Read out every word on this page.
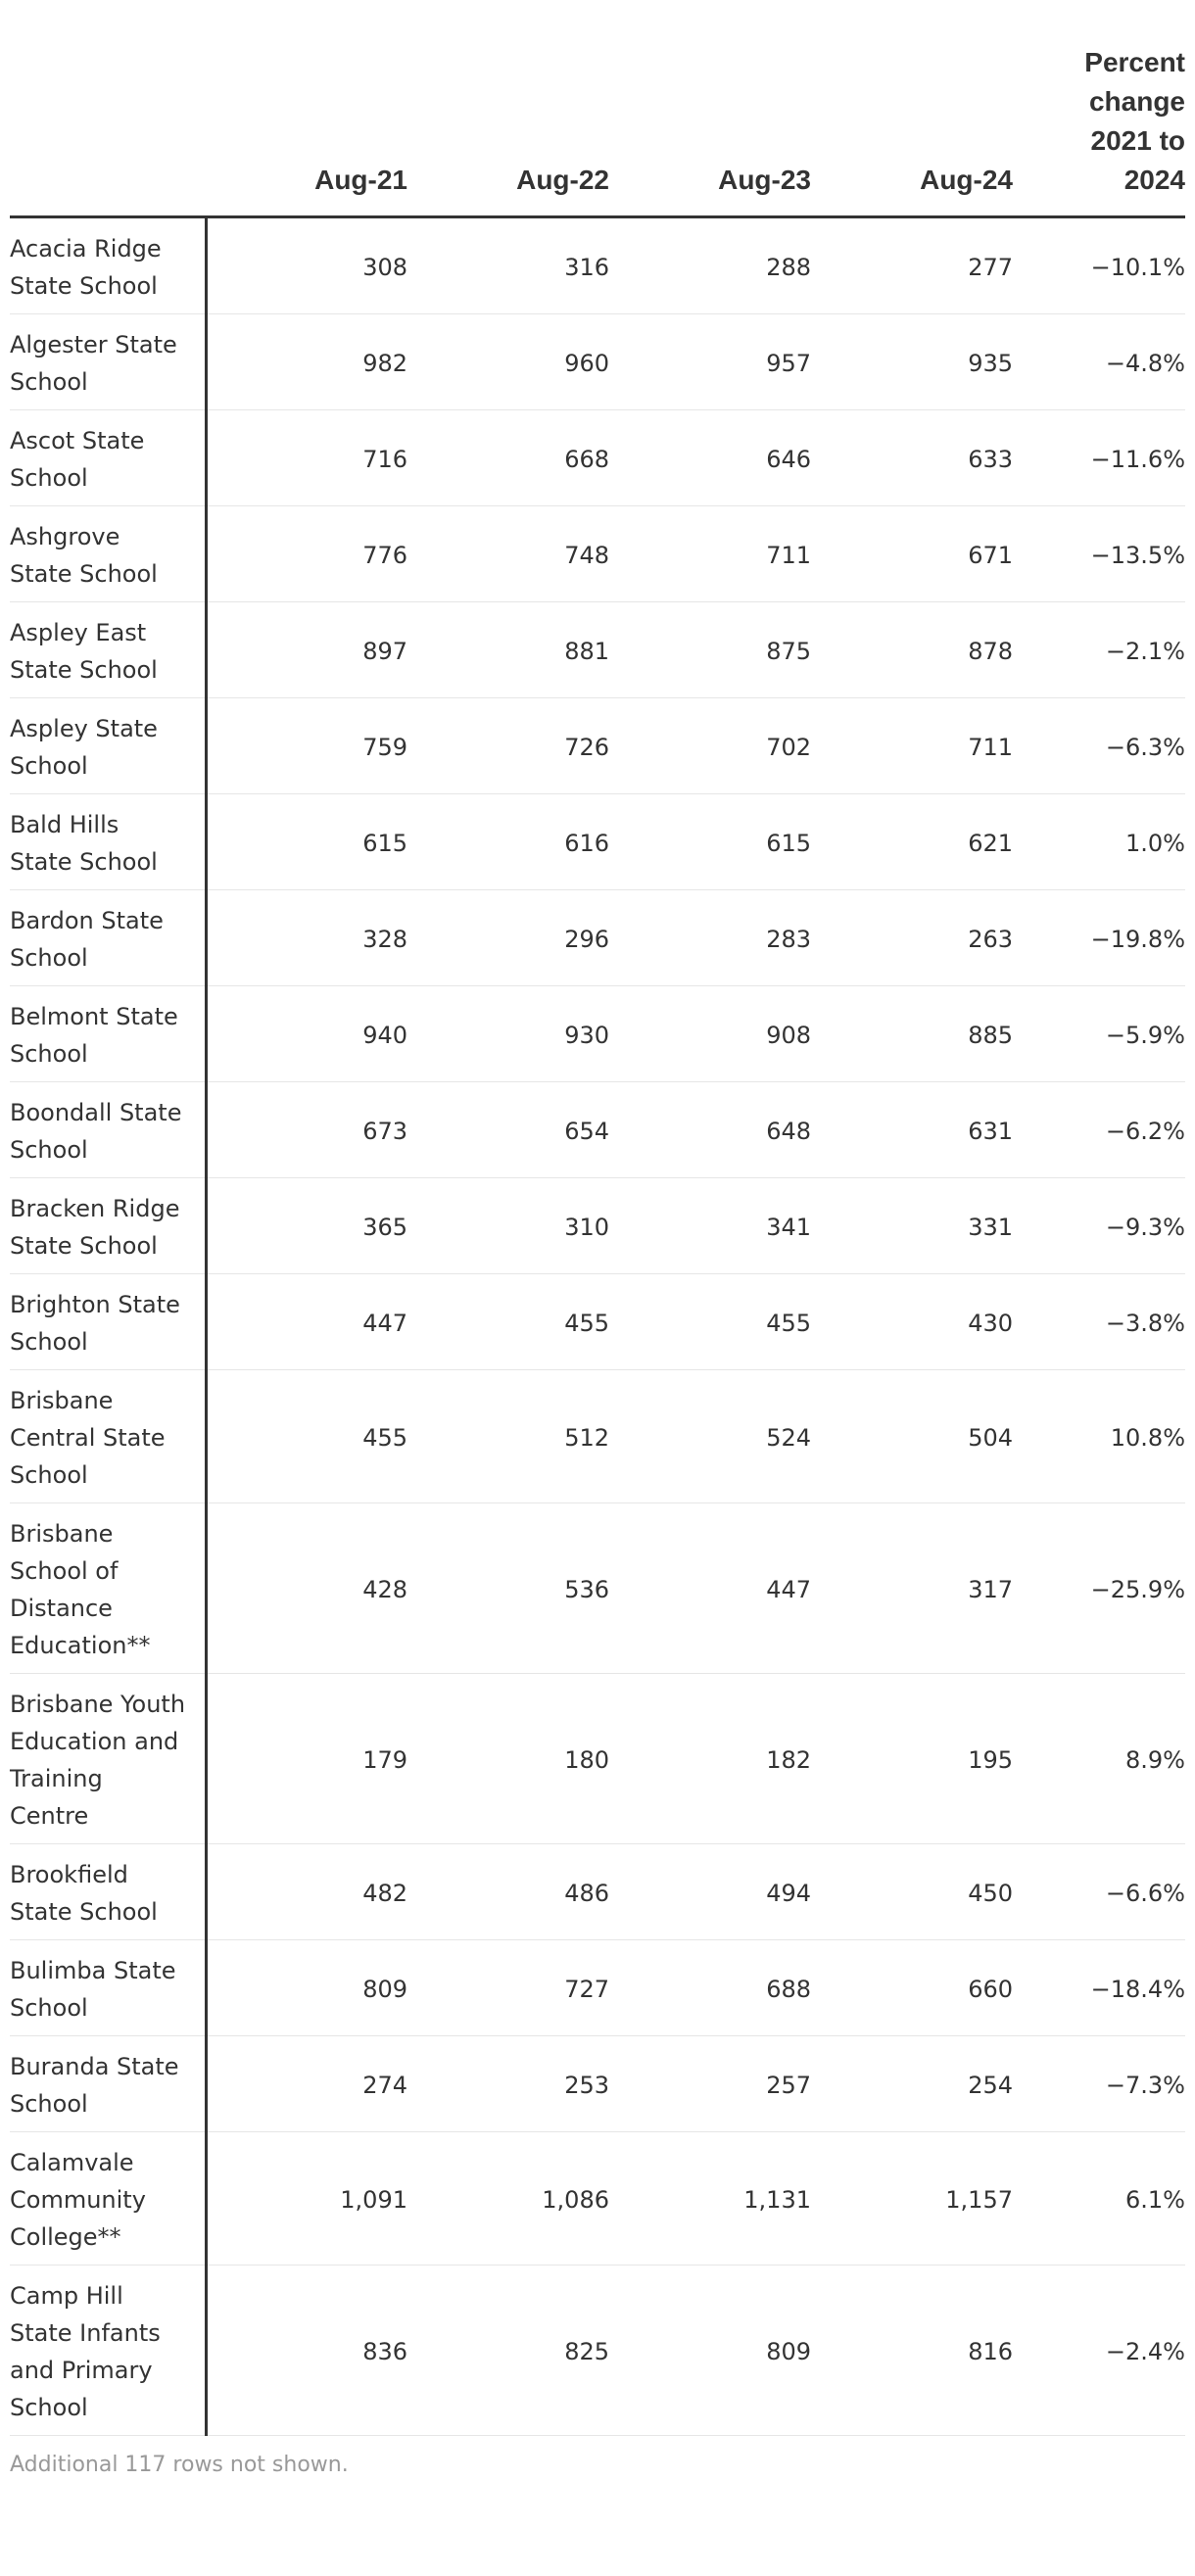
	Aug-21	Aug-22	Aug-23	Aug-24	Percent change 2021 to 2024
Acacia Ridge State School	308	316	288	277	−10.1%
Algester State School	982	960	957	935	−4.8%
Ascot State School	716	668	646	633	−11.6%
Ashgrove State School	776	748	711	671	−13.5%
Aspley East State School	897	881	875	878	−2.1%
Aspley State School	759	726	702	711	−6.3%
Bald Hills State School	615	616	615	621	1.0%
Bardon State School	328	296	283	263	−19.8%
Belmont State School	940	930	908	885	−5.9%
Boondall State School	673	654	648	631	−6.2%
Bracken Ridge State School	365	310	341	331	−9.3%
Brighton State School	447	455	455	430	−3.8%
Brisbane Central State School	455	512	524	504	10.8%
Brisbane School of Distance Education**	428	536	447	317	−25.9%
Brisbane Youth Education and Training Centre	179	180	182	195	8.9%
Brookfield State School	482	486	494	450	−6.6%
Bulimba State School	809	727	688	660	−18.4%
Buranda State School	274	253	257	254	−7.3%
Calamvale Community College**	1,091	1,086	1,131	1,157	6.1%
Camp Hill State Infants and Primary School	836	825	809	816	−2.4%
Additional 117 rows not shown.
